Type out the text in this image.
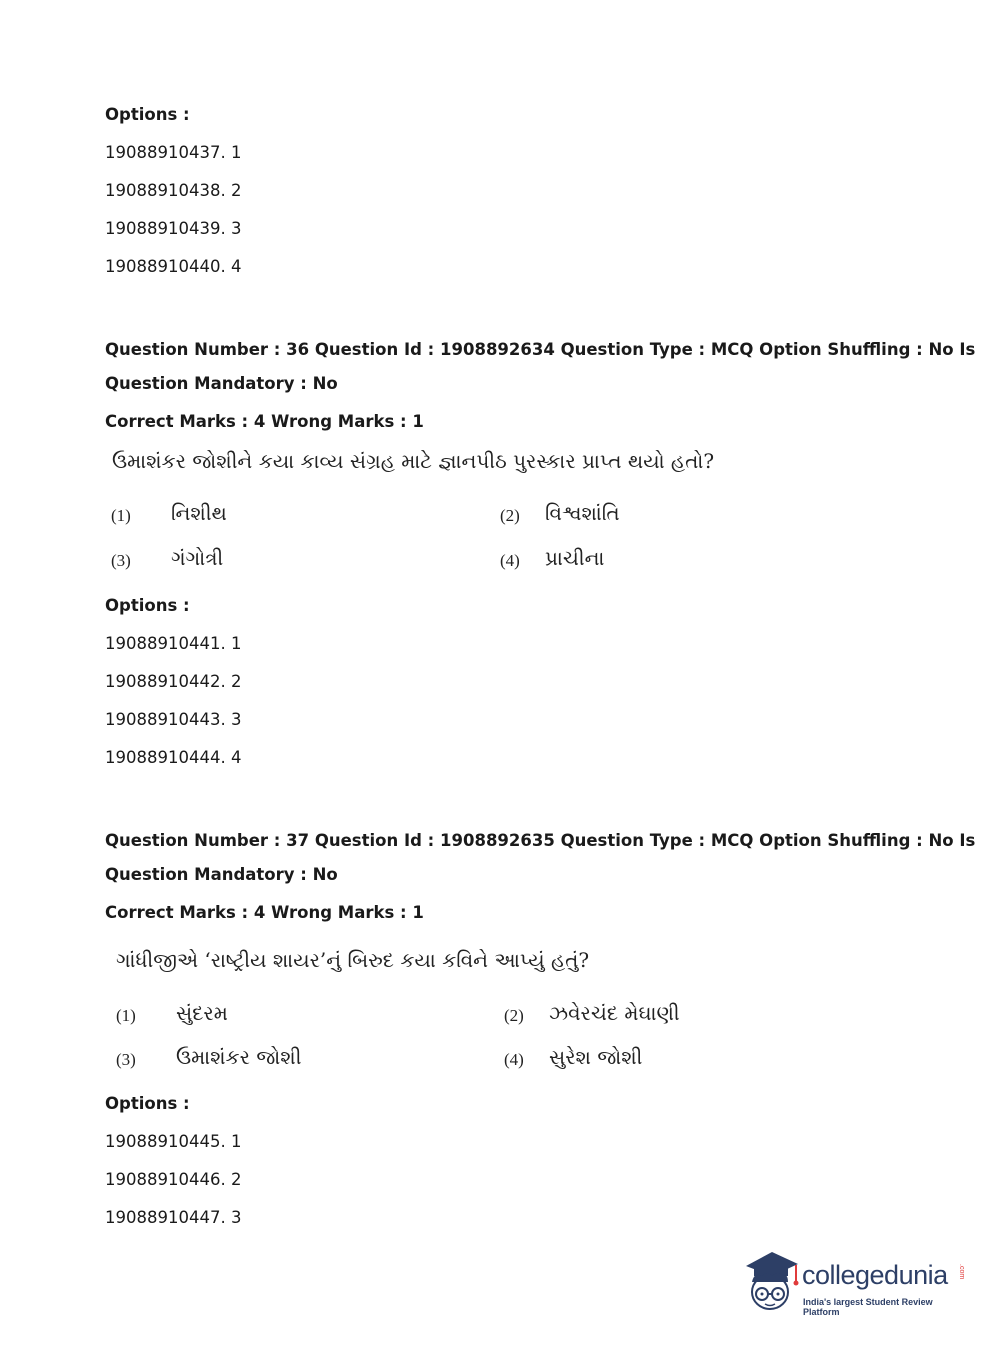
Options :
19088910437. 1
19088910438. 2
19088910439. 3
19088910440. 4
Question Number : 36 Question Id : 1908892634 Question Type : MCQ Option Shuffling : No Is
Question Mandatory : No
Correct Marks : 4 Wrong Marks : 1
ઉમાશંકર જોશીને કયા કાવ્ય સંગ્રહ માટે જ્ઞાનપીઠ પુરસ્કાર પ્રાપ્ત થયો હતો?
(1) નિશીથ	(2) વિશ્વશાંતિ
(3) ગંગોત્રી	(4) પ્રાચીના
Options :
19088910441. 1
19088910442. 2
19088910443. 3
19088910444. 4
Question Number : 37 Question Id : 1908892635 Question Type : MCQ Option Shuffling : No Is
Question Mandatory : No
Correct Marks : 4 Wrong Marks : 1
ગાંધીજીએ ‘રાષ્ટ્રીય શાયર’નું બિરુદ કયા કવિને આપ્યું હતું?
(1) સુંદરમ	(2) ઝવેરચંદ મેઘાણી
(3) ઉમાશંકર જોશી	(4) સુરેશ જોશી
Options :
19088910445. 1
19088910446. 2
19088910447. 3
collegedunia .com
India's largest Student Review Platform
